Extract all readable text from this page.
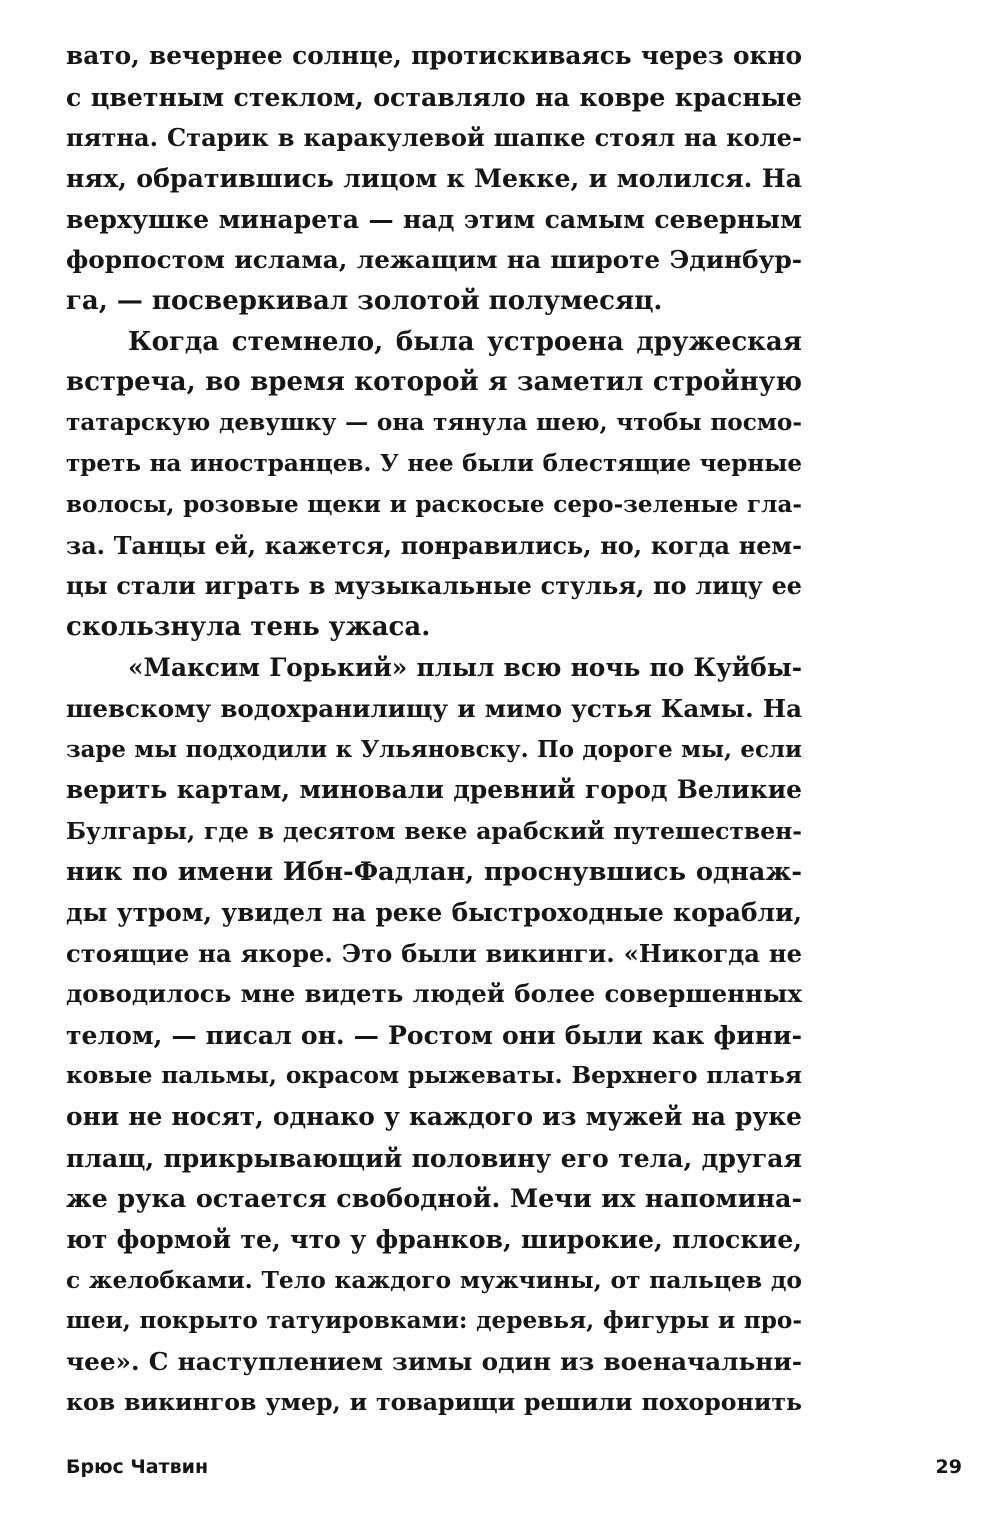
вато, вечернее солнце, протискиваясь через окно
с цветным стеклом, оставляло на ковре красные
пятна. Старик в каракулевой шапке стоял на коле-
нях, обратившись лицом к Мекке, и молился. На
верхушке минарета — над этим самым северным
форпостом ислама, лежащим на широте Эдинбур-
га, — посверкивал золотой полумесяц.
Когда стемнело, была устроена дружеская
встреча, во время которой я заметил стройную
татарскую девушку — она тянула шею, чтобы посмо-
треть на иностранцев. У нее были блестящие черные
волосы, розовые щеки и раскосые серо-зеленые гла-
за. Танцы ей, кажется, понравились, но, когда нем-
цы стали играть в музыкальные стулья, по лицу ее
скользнула тень ужаса.
«Максим Горький» плыл всю ночь по Куйбы-
шевскому водохранилищу и мимо устья Камы. На
заре мы подходили к Ульяновску. По дороге мы, если
верить картам, миновали древний город Великие
Булгары, где в десятом веке арабский путешествен-
ник по имени Ибн-Фадлан, проснувшись однаж-
ды утром, увидел на реке быстроходные корабли,
стоящие на якоре. Это были викинги. «Никогда не
доводилось мне видеть людей более совершенных
телом, — писал он. — Ростом они были как фини-
ковые пальмы, окрасом рыжеваты. Верхнего платья
они не носят, однако у каждого из мужей на руке
плащ, прикрывающий половину его тела, другая
же рука остается свободной. Мечи их напомина-
ют формой те, что у франков, широкие, плоские,
с желобками. Тело каждого мужчины, от пальцев до
шеи, покрыто татуировками: деревья, фигуры и про-
чее». С наступлением зимы один из военачальни-
ков викингов умер, и товарищи решили похоронить
Брюс Чатвин	29
